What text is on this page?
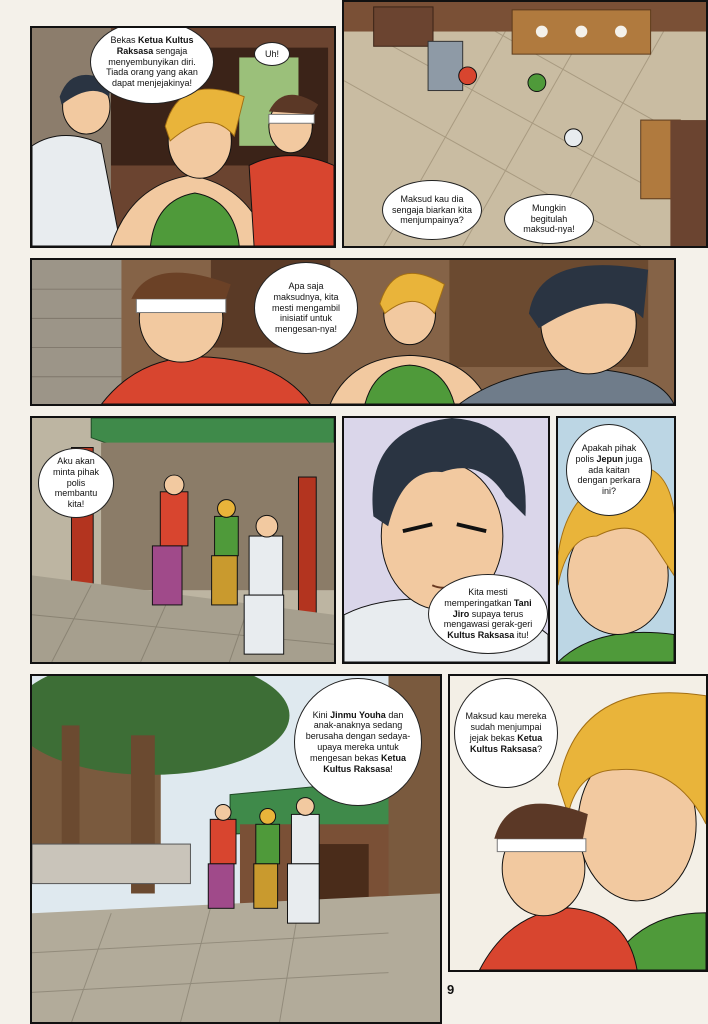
Bekas Ketua Kultus Raksasa sengaja menyembunyikan diri. Tiada orang yang akan dapat menjejakinya!
Uh!
Maksud kau dia sengaja biarkan kita menjumpainya?
Mungkin begitulah maksud-nya!
Apa saja maksudnya, kita mesti mengambil inisiatif untuk mengesan-nya!
Aku akan minta pihak polis membantu kita!
Kita mesti memperingatkan Tani Jiro supaya terus mengawasi gerak-geri Kultus Raksasa itu!
Apakah pihak polis Jepun juga ada kaitan dengan perkara ini?
Kini Jinmu Youha dan anak-anaknya sedang berusaha dengan sedaya-upaya mereka untuk mengesan bekas Ketua Kultus Raksasa!
Maksud kau mereka sudah menjumpai jejak bekas Ketua Kultus Raksasa?
9
